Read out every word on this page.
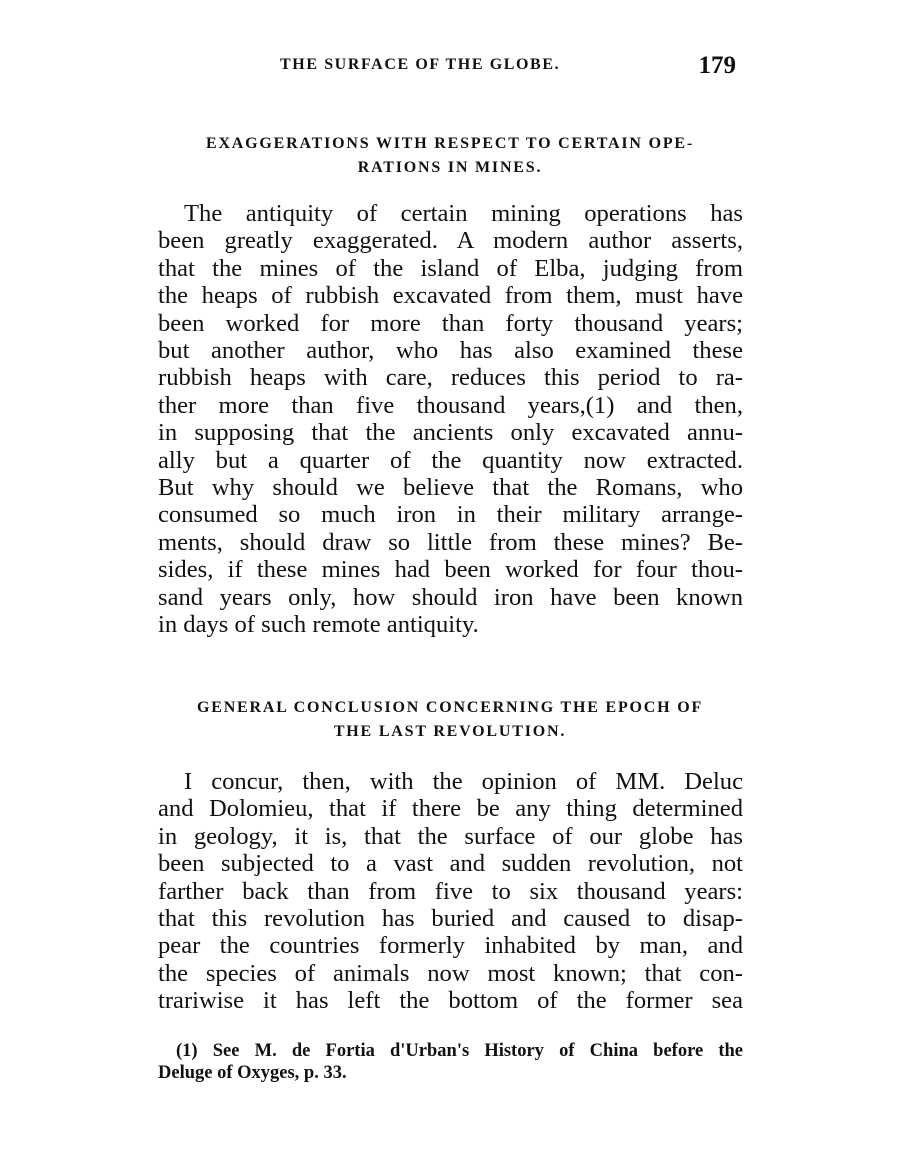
THE SURFACE OF THE GLOBE.	179
EXAGGERATIONS WITH RESPECT TO CERTAIN OPE-
RATIONS IN MINES.
The antiquity of certain mining operations has
been greatly exaggerated. A modern author asserts,
that the mines of the island of Elba, judging from
the heaps of rubbish excavated from them, must have
been worked for more than forty thousand years;
but another author, who has also examined these
rubbish heaps with care, reduces this period to ra-
ther more than five thousand years,(1) and then,
in supposing that the ancients only excavated annu-
ally but a quarter of the quantity now extracted.
But why should we believe that the Romans, who
consumed so much iron in their military arrange-
ments, should draw so little from these mines? Be-
sides, if these mines had been worked for four thou-
sand years only, how should iron have been known
in days of such remote antiquity.
GENERAL CONCLUSION CONCERNING THE EPOCH OF
THE LAST REVOLUTION.
I concur, then, with the opinion of MM. Deluc
and Dolomieu, that if there be any thing determined
in geology, it is, that the surface of our globe has
been subjected to a vast and sudden revolution, not
farther back than from five to six thousand years:
that this revolution has buried and caused to disap-
pear the countries formerly inhabited by man, and
the species of animals now most known; that con-
trariwise it has left the bottom of the former sea
(1) See M. de Fortia d'Urban's History of China before the
Deluge of Oxyges, p. 33.
